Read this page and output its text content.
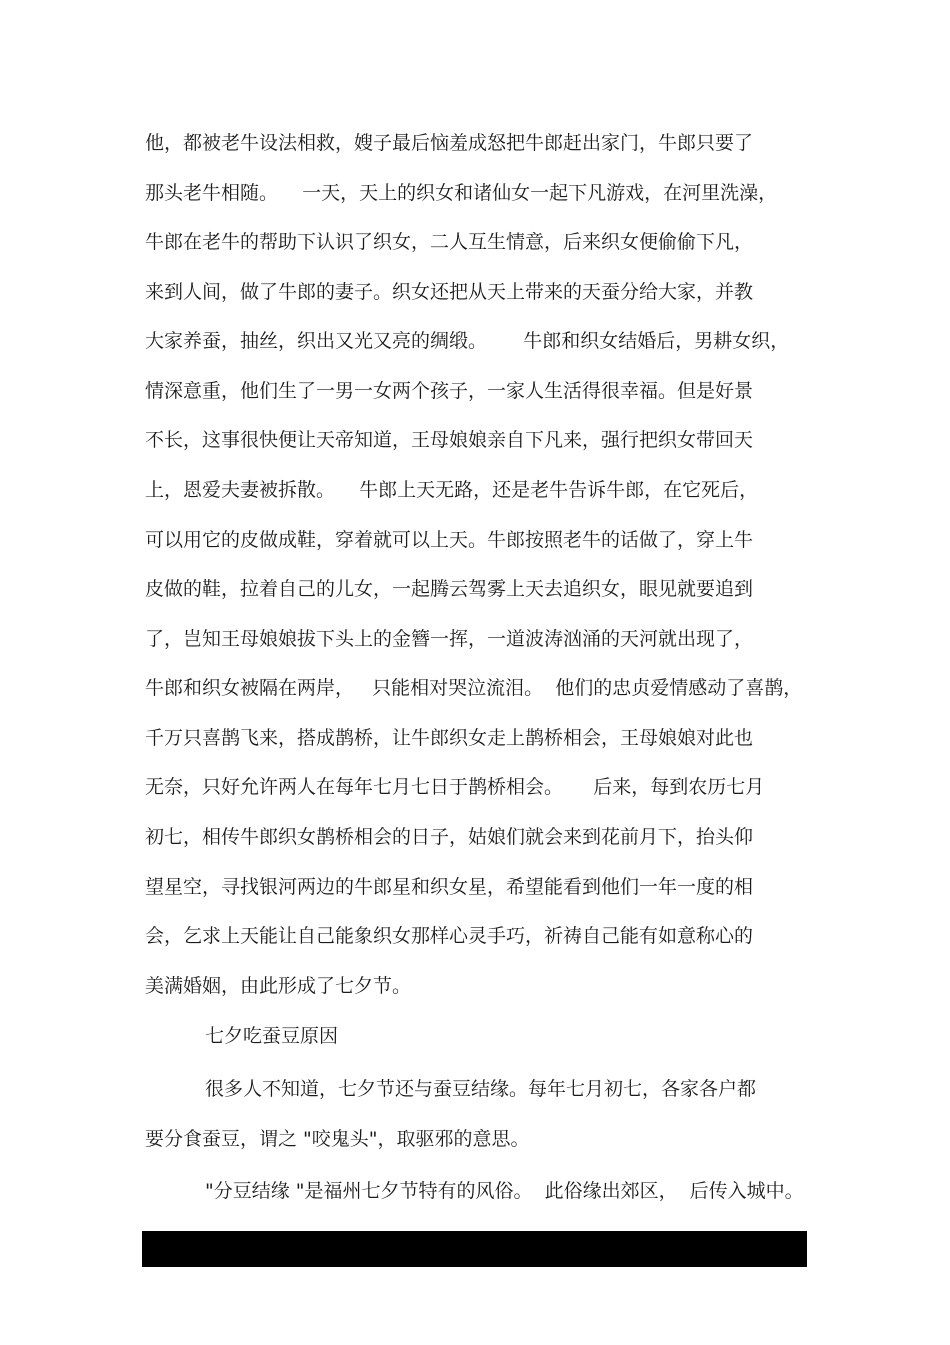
他，都被老牛设法相救，嫂子最后恼羞成怒把牛郎赶出家门，牛郎只要了
那头老牛相随。    一天，天上的织女和诸仙女一起下凡游戏，在河里洗澡，
牛郎在老牛的帮助下认识了织女，二人互生情意，后来织女便偷偷下凡，
来到人间，做了牛郎的妻子。织女还把从天上带来的天蚕分给大家，并教
大家养蚕，抽丝，织出又光又亮的绸缎。      牛郎和织女结婚后，男耕女织，
情深意重，他们生了一男一女两个孩子，一家人生活得很幸福。但是好景
不长，这事很快便让天帝知道，王母娘娘亲自下凡来，强行把织女带回天
上，恩爱夫妻被拆散。    牛郎上天无路，还是老牛告诉牛郎，在它死后，
可以用它的皮做成鞋，穿着就可以上天。牛郎按照老牛的话做了，穿上牛
皮做的鞋，拉着自己的儿女，一起腾云驾雾上天去追织女，眼见就要追到
了，岂知王母娘娘拔下头上的金簪一挥，一道波涛汹涌的天河就出现了，
牛郎和织女被隔在两岸，   只能相对哭泣流泪。  他们的忠贞爱情感动了喜鹊，
千万只喜鹊飞来，搭成鹊桥，让牛郎织女走上鹊桥相会，王母娘娘对此也
无奈，只好允许两人在每年七月七日于鹊桥相会。     后来，每到农历七月
初七，相传牛郎织女鹊桥相会的日子，姑娘们就会来到花前月下，抬头仰
望星空，寻找银河两边的牛郎星和织女星，希望能看到他们一年一度的相
会，乞求上天能让自己能象织女那样心灵手巧，祈祷自己能有如意称心的
美满婚姻，由此形成了七夕节。
七夕吃蚕豆原因
很多人不知道，七夕节还与蚕豆结缘。每年七月初七，各家各户都
要分食蚕豆，谓之 "咬鬼头"，取驱邪的意思。
"分豆结缘 "是福州七夕节特有的风俗。  此俗缘出郊区，  后传入城中。
